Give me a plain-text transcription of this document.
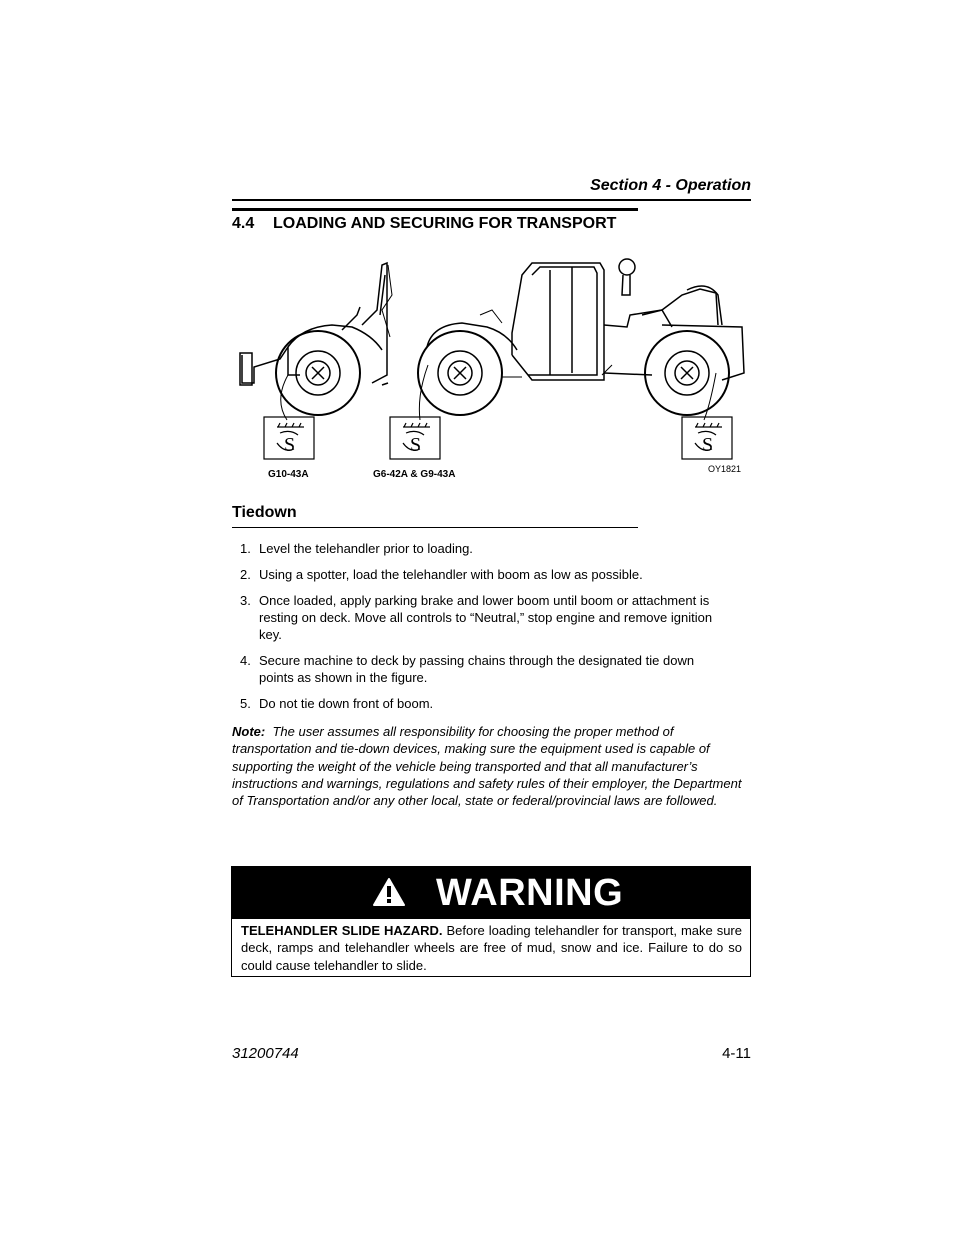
Section 4 - Operation
4.4 LOADING AND SECURING FOR TRANSPORT
S	S	S
G10-43A	G6-42A & G9-43A	OY1821
Tiedown
1. Level the telehandler prior to loading.
2. Using a spotter, load the telehandler with boom as low as possible.
3. Once loaded, apply parking brake and lower boom until boom or attachment is resting on deck. Move all controls to “Neutral,” stop engine and remove ignition key.
4. Secure machine to deck by passing chains through the designated tie down points as shown in the figure.
5. Do not tie down front of boom.
Note: The user assumes all responsibility for choosing the proper method of transportation and tie-down devices, making sure the equipment used is capable of supporting the weight of the vehicle being transported and that all manufacturer’s instructions and warnings, regulations and safety rules of their employer, the Department of Transportation and/or any other local, state or federal/provincial laws are followed.
WARNING
TELEHANDLER SLIDE HAZARD. Before loading telehandler for transport, make sure deck, ramps and telehandler wheels are free of mud, snow and ice. Failure to do so could cause telehandler to slide.
31200744	4-11
